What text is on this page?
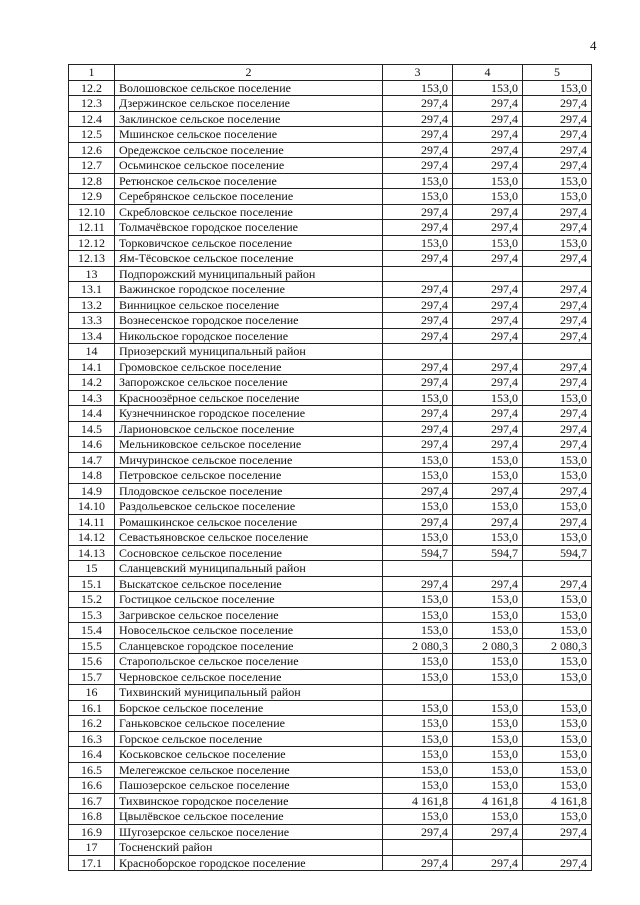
4
1	2	3	4	5
12.2	Волошовское сельское поселение	153,0	153,0	153,0
12.3	Дзержинское сельское поселение	297,4	297,4	297,4
12.4	Заклинское сельское поселение	297,4	297,4	297,4
12.5	Мшинское сельское поселение	297,4	297,4	297,4
12.6	Оредежское сельское поселение	297,4	297,4	297,4
12.7	Осьминское сельское поселение	297,4	297,4	297,4
12.8	Ретюнское сельское поселение	153,0	153,0	153,0
12.9	Серебрянское сельское поселение	153,0	153,0	153,0
12.10	Скреблoвское сельское поселение	297,4	297,4	297,4
12.11	Толмачёвское городское поселение	297,4	297,4	297,4
12.12	Торковичское сельское поселение	153,0	153,0	153,0
12.13	Ям-Тёсовское сельское поселение	297,4	297,4	297,4
13	Подпорожский муниципальный район			
13.1	Важинское городское поселение	297,4	297,4	297,4
13.2	Винницкое сельское поселение	297,4	297,4	297,4
13.3	Вознесенское городское поселение	297,4	297,4	297,4
13.4	Никольское городское поселение	297,4	297,4	297,4
14	Приозерский муниципальный район			
14.1	Громовское сельское поселение	297,4	297,4	297,4
14.2	Запорожское сельское поселение	297,4	297,4	297,4
14.3	Красноозёрное сельское поселение	153,0	153,0	153,0
14.4	Кузнечнинское городское поселение	297,4	297,4	297,4
14.5	Ларионовское сельское поселение	297,4	297,4	297,4
14.6	Мельниковское сельское поселение	297,4	297,4	297,4
14.7	Мичуринское сельское поселение	153,0	153,0	153,0
14.8	Петровское сельское поселение	153,0	153,0	153,0
14.9	Плодовское сельское поселение	297,4	297,4	297,4
14.10	Раздольевское сельское поселение	153,0	153,0	153,0
14.11	Ромашкинское сельское поселение	297,4	297,4	297,4
14.12	Севастьяновское сельское поселение	153,0	153,0	153,0
14.13	Сосновское сельское поселение	594,7	594,7	594,7
15	Сланцевский муниципальный район			
15.1	Выскатское сельское поселение	297,4	297,4	297,4
15.2	Гостицкое сельское поселение	153,0	153,0	153,0
15.3	Загривское сельское поселение	153,0	153,0	153,0
15.4	Новосельское сельское поселение	153,0	153,0	153,0
15.5	Сланцевское городское поселение	2 080,3	2 080,3	2 080,3
15.6	Старопольское сельское поселение	153,0	153,0	153,0
15.7	Черновское сельское поселение	153,0	153,0	153,0
16	Тихвинский муниципальный район			
16.1	Борское сельское поселение	153,0	153,0	153,0
16.2	Ганьковское сельское поселение	153,0	153,0	153,0
16.3	Горское сельское поселение	153,0	153,0	153,0
16.4	Коськовское сельское поселение	153,0	153,0	153,0
16.5	Мелегежское сельское поселение	153,0	153,0	153,0
16.6	Пашозерское сельское поселение	153,0	153,0	153,0
16.7	Тихвинское городское поселение	4 161,8	4 161,8	4 161,8
16.8	Цвылёвское сельское поселение	153,0	153,0	153,0
16.9	Шугозерское сельское поселение	297,4	297,4	297,4
17	Тосненский район			
17.1	Красноборское городское поселение	297,4	297,4	297,4
